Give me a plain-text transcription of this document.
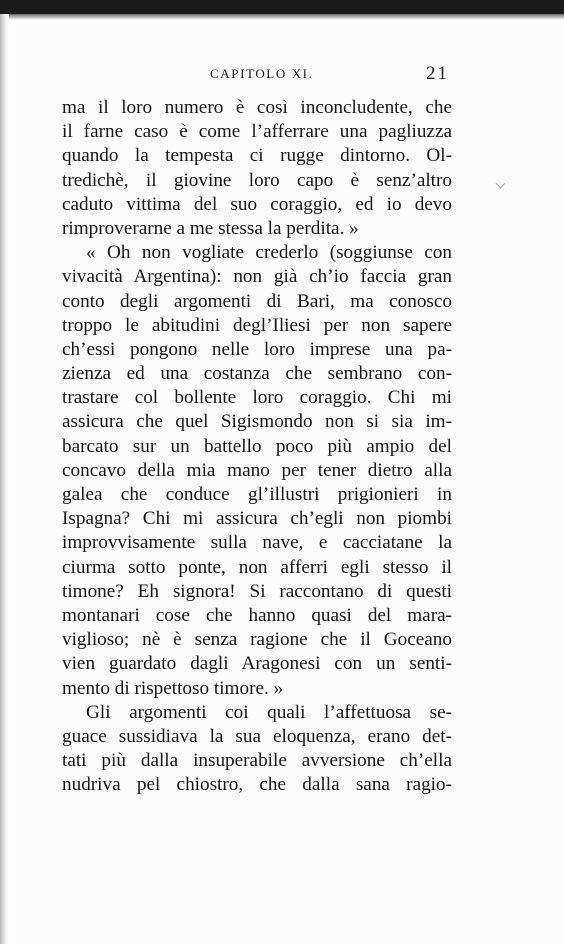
CAPITOLO XI.	21
ma il loro numero è così inconcludente, che
il farne caso è come l’afferrare una pagliuzza
quando la tempesta ci rugge dintorno. Ol-
tredichè, il giovine loro capo è senz’altro
caduto vittima del suo coraggio, ed io devo
rimproverarne a me stessa la perdita. »
« Oh non vogliate crederlo (soggiunse con
vivacità Argentina): non già ch’io faccia gran
conto degli argomenti di Bari, ma conosco
troppo le abitudini degl’Iliesi per non sapere
ch’essi pongono nelle loro imprese una pa-
zienza ed una costanza che sembrano con-
trastare col bollente loro coraggio. Chi mi
assicura che quel Sigismondo non si sia im-
barcato sur un battello poco più ampio del
concavo della mia mano per tener dietro alla
galea che conduce gl’illustri prigionieri in
Ispagna? Chi mi assicura ch’egli non piombi
improvvisamente sulla nave, e cacciatane la
ciurma sotto ponte, non afferri egli stesso il
timone? Eh signora! Si raccontano di questi
montanari cose che hanno quasi del mara-
viglioso; nè è senza ragione che il Goceano
vien guardato dagli Aragonesi con un senti-
mento di rispettoso timore. »
Gli argomenti coi quali l’affettuosa se-
guace sussidiava la sua eloquenza, erano det-
tati più dalla insuperabile avversione ch’ella
nudriva pel chiostro, che dalla sana ragio-
